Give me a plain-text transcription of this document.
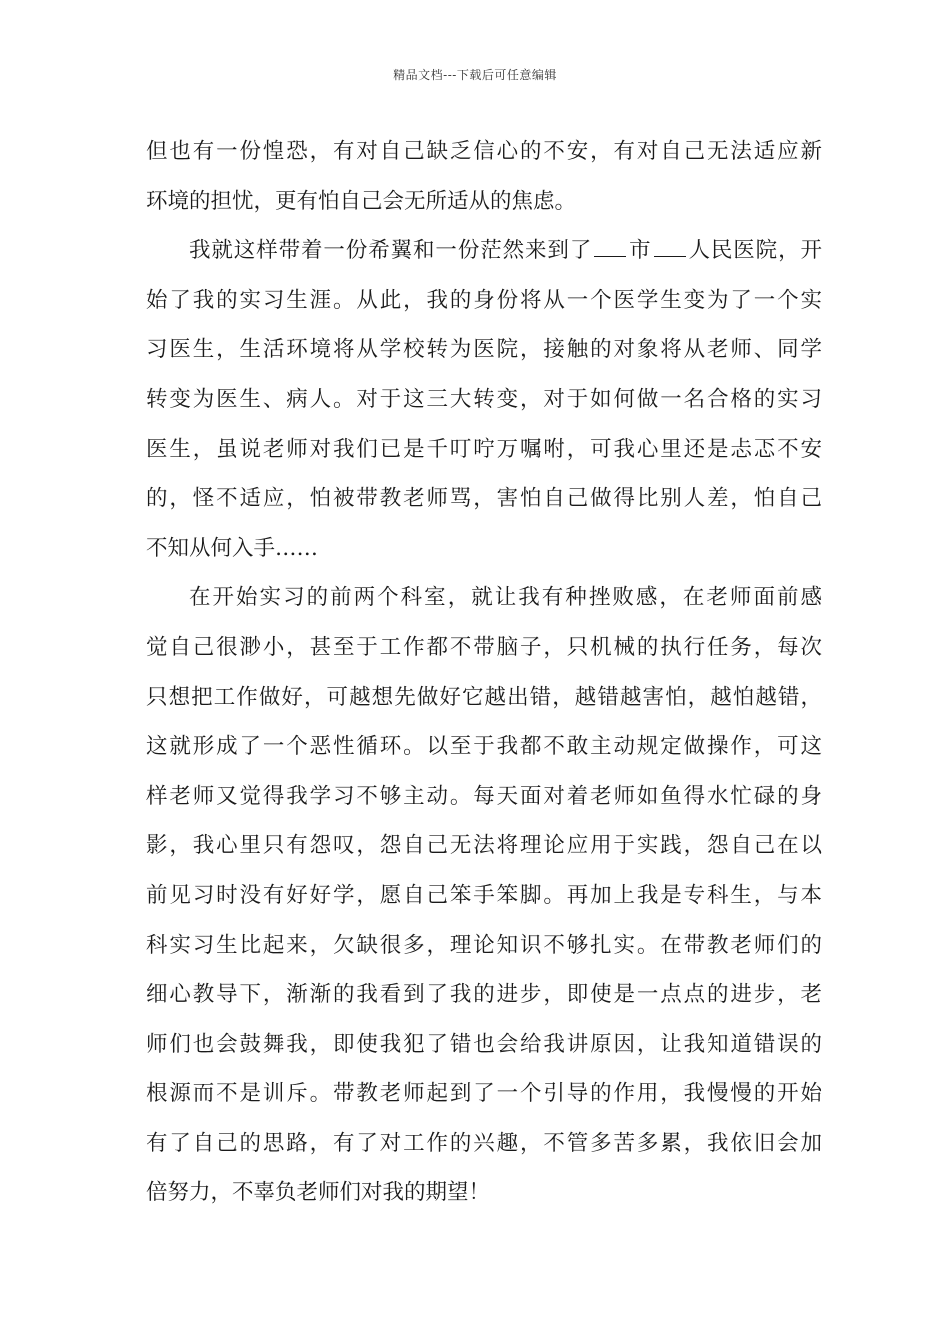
精品文档---下载后可任意编辑
但也有一份惶恐，有对自己缺乏信心的不安，有对自己无法适应新
环境的担忧，更有怕自己会无所适从的焦虑。
我就这样带着一份希翼和一份茫然来到了 市 人民医院，开
始了我的实习生涯。从此，我的身份将从一个医学生变为了一个实
习医生，生活环境将从学校转为医院，接触的对象将从老师、同学
转变为医生、病人。对于这三大转变，对于如何做一名合格的实习
医生，虽说老师对我们已是千叮咛万嘱咐，可我心里还是忐忑不安
的，怪不适应，怕被带教老师骂，害怕自己做得比别人差，怕自己
不知从何入手……
在开始实习的前两个科室，就让我有种挫败感，在老师面前感
觉自己很渺小，甚至于工作都不带脑子，只机械的执行任务，每次
只想把工作做好，可越想先做好它越出错，越错越害怕，越怕越错，
这就形成了一个恶性循环。以至于我都不敢主动规定做操作，可这
样老师又觉得我学习不够主动。每天面对着老师如鱼得水忙碌的身
影，我心里只有怨叹，怨自己无法将理论应用于实践，怨自己在以
前见习时没有好好学，愿自己笨手笨脚。再加上我是专科生，与本
科实习生比起来，欠缺很多，理论知识不够扎实。在带教老师们的
细心教导下，渐渐的我看到了我的进步，即使是一点点的进步，老
师们也会鼓舞我，即使我犯了错也会给我讲原因，让我知道错误的
根源而不是训斥。带教老师起到了一个引导的作用，我慢慢的开始
有了自己的思路，有了对工作的兴趣，不管多苦多累，我依旧会加
倍努力，不辜负老师们对我的期望！
